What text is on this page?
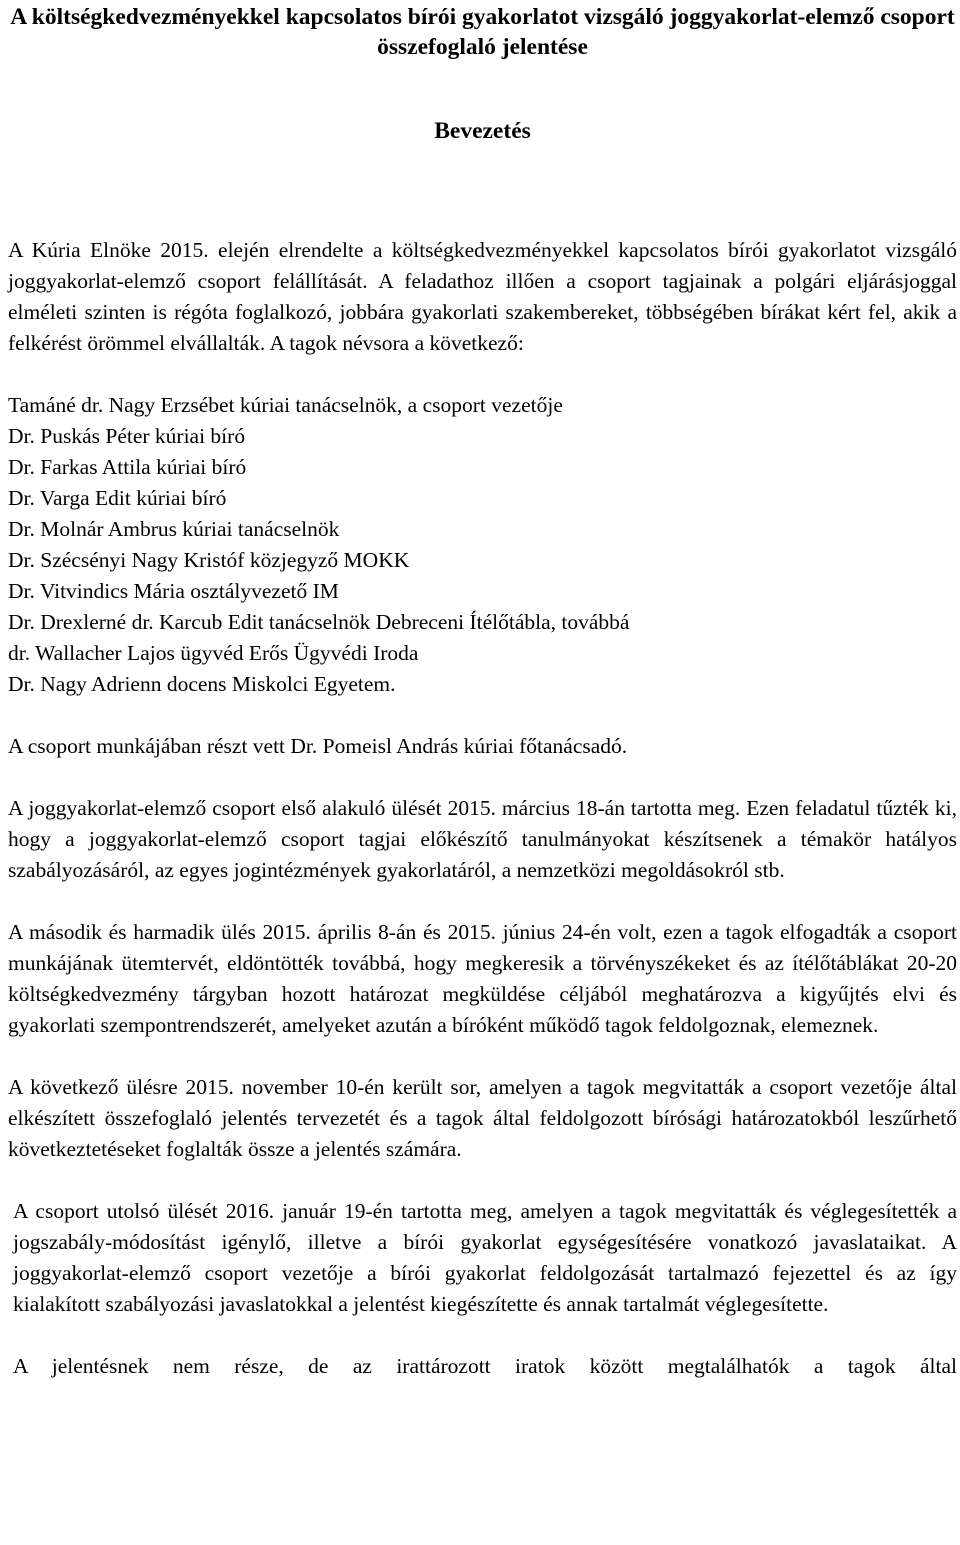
A költségkedvezményekkel kapcsolatos bírói gyakorlatot vizsgáló joggyakorlat-elemző csoport összefoglaló jelentése
Bevezetés

A Kúria Elnöke 2015. elején elrendelte a költségkedvezményekkel kapcsolatos bírói gyakorlatot vizsgáló joggyakorlat-elemző csoport felállítását. A feladathoz illően a csoport tagjainak a polgári eljárásjoggal elméleti szinten is régóta foglalkozó, jobbára gyakorlati szakembereket, többségében bírákat kért fel, akik a felkérést örömmel elvállalták. A tagok névsora a következő:

Tamáné dr. Nagy Erzsébet kúriai tanácselnök, a csoport vezetője
Dr. Puskás Péter kúriai bíró
Dr. Farkas Attila kúriai bíró
Dr. Varga Edit kúriai bíró
Dr. Molnár Ambrus kúriai tanácselnök
Dr. Szécsényi Nagy Kristóf közjegyző MOKK
Dr. Vitvindics Mária osztályvezető IM
Dr. Drexlerné dr. Karcub Edit tanácselnök Debreceni Ítélőtábla, továbbá
dr. Wallacher Lajos ügyvéd Erős Ügyvédi Iroda
Dr. Nagy Adrienn docens Miskolci Egyetem.

A csoport munkájában részt vett Dr. Pomeisl András kúriai főtanácsadó.

A joggyakorlat-elemző csoport első alakuló ülését 2015. március 18-án tartotta meg. Ezen feladatul tűzték ki, hogy a joggyakorlat-elemző csoport tagjai előkészítő tanulmányokat készítsenek a témakör hatályos szabályozásáról, az egyes jogintézmények gyakorlatáról, a nemzetközi megoldásokról stb.

A második és harmadik ülés 2015. április 8-án és 2015. június 24-én volt, ezen a tagok elfogadták a csoport munkájának ütemtervét, eldöntötték továbbá, hogy megkeresik a törvényszékeket és az ítélőtáblákat 20-20 költségkedvezmény tárgyban hozott határozat megküldése céljából meghatározva a kigyűjtés elvi és gyakorlati szempontrendszerét, amelyeket azután a bíróként működő tagok feldolgoznak, elemeznek.

A következő ülésre 2015. november 10-én került sor, amelyen a tagok megvitatták a csoport vezetője által elkészített összefoglaló jelentés tervezetét és a tagok által feldolgozott bírósági határozatokból leszűrhető következtetéseket foglalták össze a jelentés számára.

A csoport utolsó ülését 2016. január 19-én tartotta meg, amelyen a tagok megvitatták és véglegesítették a jogszabály-módosítást igénylő, illetve a bírói gyakorlat egységesítésére vonatkozó javaslataikat. A joggyakorlat-elemző csoport vezetője a bírói gyakorlat feldolgozását tartalmazó fejezettel és az így kialakított szabályozási javaslatokkal a jelentést kiegészítette és annak tartalmát véglegesítette.

A jelentésnek nem része, de az irattározott iratok között megtalálhatók a tagok által
